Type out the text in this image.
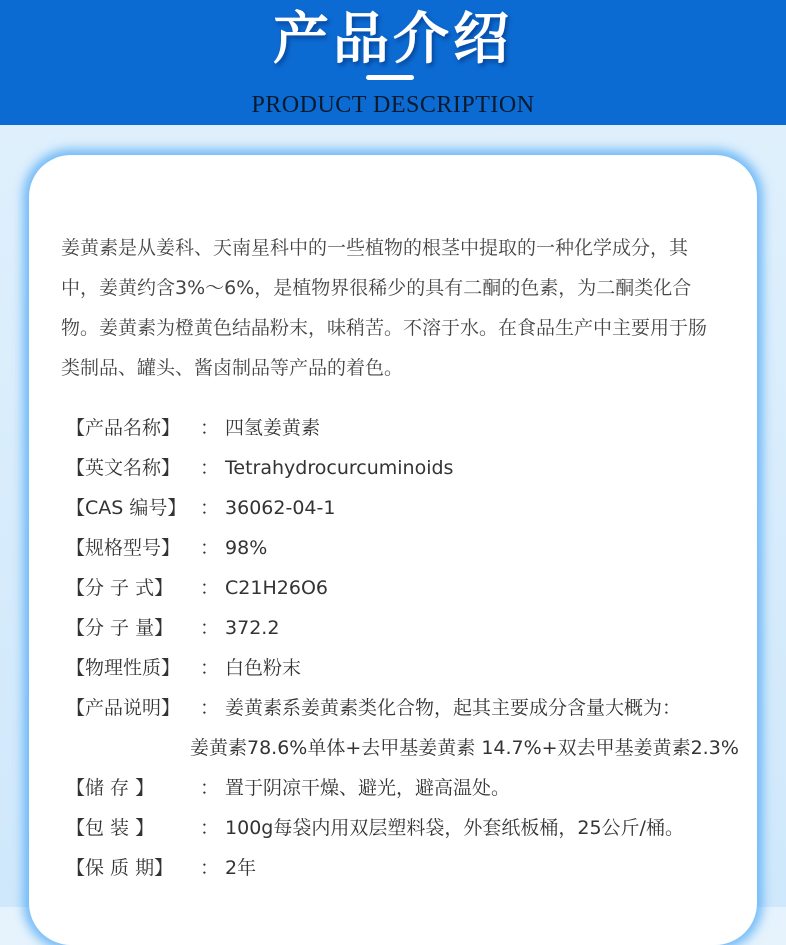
产品介绍
PRODUCT DESCRIPTION

姜黄素是从姜科、天南星科中的一些植物的根茎中提取的一种化学成分，其中，姜黄约含3%～6%，是植物界很稀少的具有二酮的色素，为二酮类化合物。姜黄素为橙黄色结晶粉末，味稍苦。不溶于水。在食品生产中主要用于肠类制品、罐头、酱卤制品等产品的着色。

【产品名称】 ： 四氢姜黄素
【英文名称】 ： Tetrahydrocurcuminoids
【CAS 编号】 ： 36062-04-1
【规格型号】 ： 98%
【分 子 式】 ： C21H26O6
【分 子 量】 ： 372.2
【物理性质】 ： 白色粉末
【产品说明】 ： 姜黄素系姜黄素类化合物，起其主要成分含量大概为：
姜黄素78.6%单体+去甲基姜黄素 14.7%+双去甲基姜黄素2.3%
【储 存 】 ： 置于阴凉干燥、避光，避高温处。
【包 装 】 ： 100g每袋内用双层塑料袋，外套纸板桶，25公斤/桶。
【保 质 期】 ： 2年
